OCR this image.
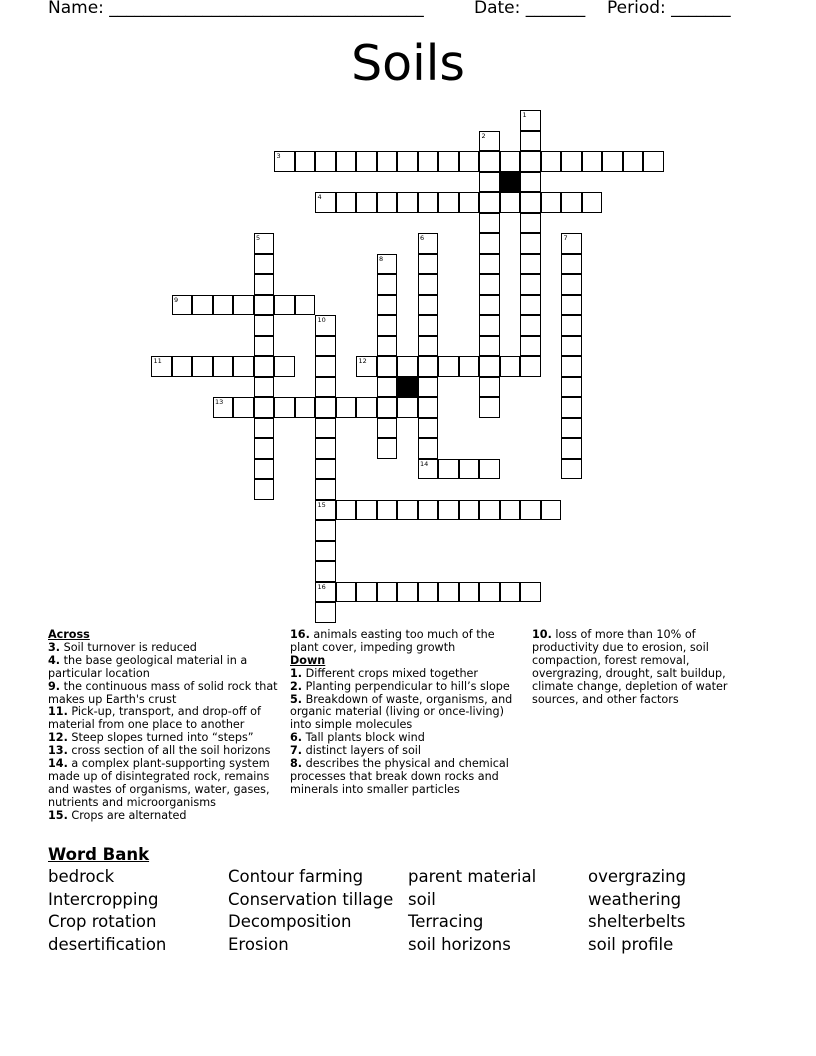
Name: _____________________________________	Date: _______ Period: _______
Soils
1
2
3
4
5	6
14
7
8
9
10
15
16
11	12
13
Across
3. Soil turnover is reduced
4. the base geological material in a particular location
9. the continuous mass of solid rock that makes up Earth's crust
11. Pick-up, transport, and drop-off of material from one place to another
12. Steep slopes turned into “steps”
13. cross section of all the soil horizons
14. a complex plant-supporting system made up of disintegrated rock, remains and wastes of organisms, water, gases, nutrients and microorganisms
15. Crops are alternated
16. animals easting too much of the plant cover, impeding growth
Down
1. Different crops mixed together
2. Planting perpendicular to hill’s slope
5. Breakdown of waste, organisms, and organic material (living or once-living) into simple molecules
6. Tall plants block wind
7. distinct layers of soil
8. describes the physical and chemical processes that break down rocks and minerals into smaller particles
10. loss of more than 10% of productivity due to erosion, soil compaction, forest removal, overgrazing, drought, salt buildup, climate change, depletion of water sources, and other factors
Word Bank
bedrock
Intercropping
Crop rotation
desertification
Contour farming
Conservation tillage
Decomposition
Erosion
parent material
soil
Terracing
soil horizons
overgrazing
weathering
shelterbelts
soil profile
